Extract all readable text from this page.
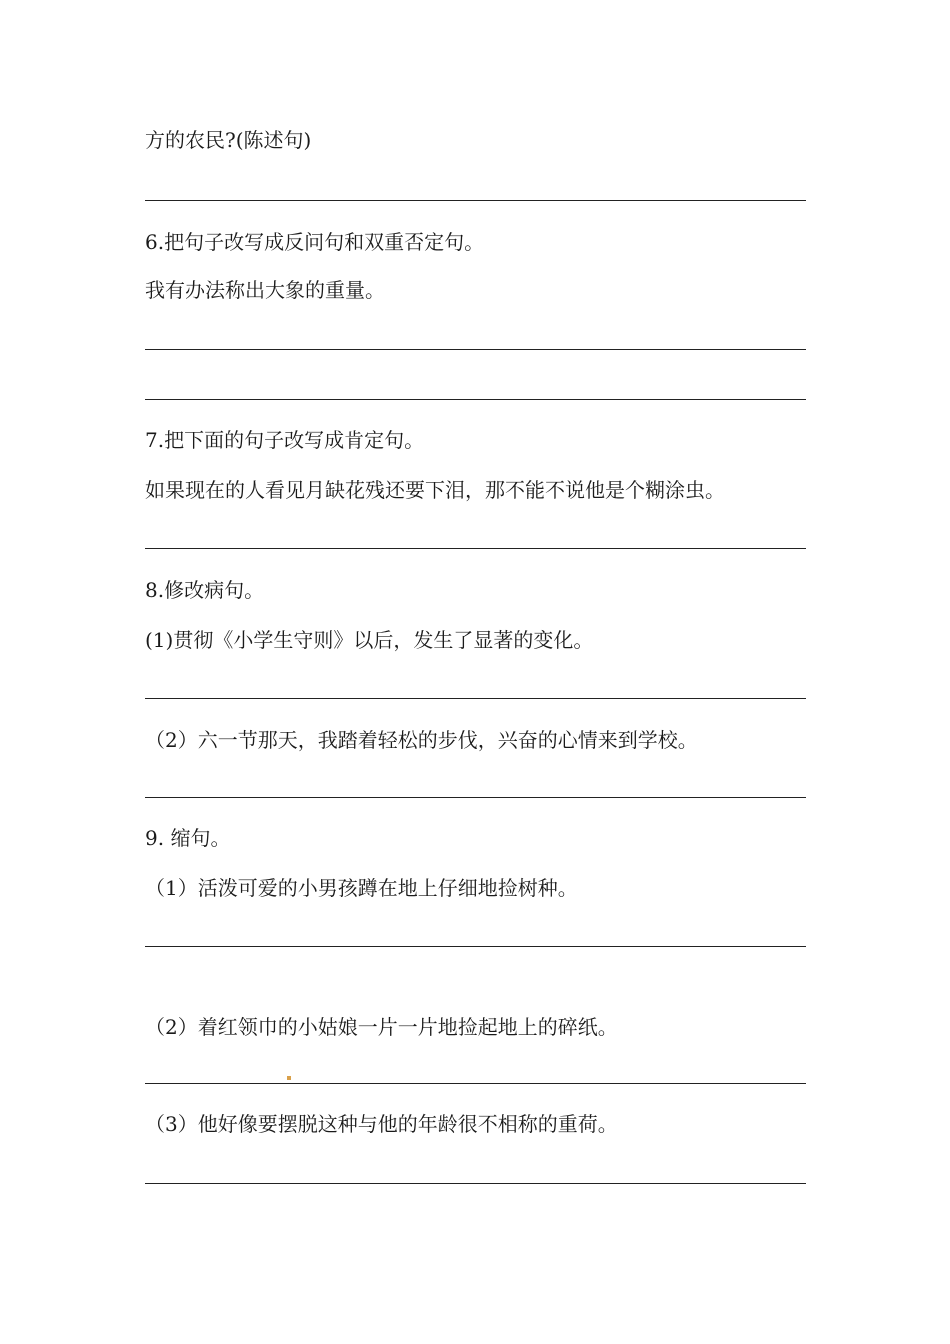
方的农民?(陈述句)
6.把句子改写成反问句和双重否定句。
我有办法称出大象的重量。
7.把下面的句子改写成肯定句。
如果现在的人看见月缺花残还要下泪，那不能不说他是个糊涂虫。
8.修改病句。
(1)贯彻《小学生守则》以后，发生了显著的变化。
（2）六一节那天，我踏着轻松的步伐，兴奋的心情来到学校。
9. 缩句。
（1）活泼可爱的小男孩蹲在地上仔细地捡树种。
（2）着红领巾的小姑娘一片一片地捡起地上的碎纸。
（3）他好像要摆脱这种与他的年龄很不相称的重荷。
